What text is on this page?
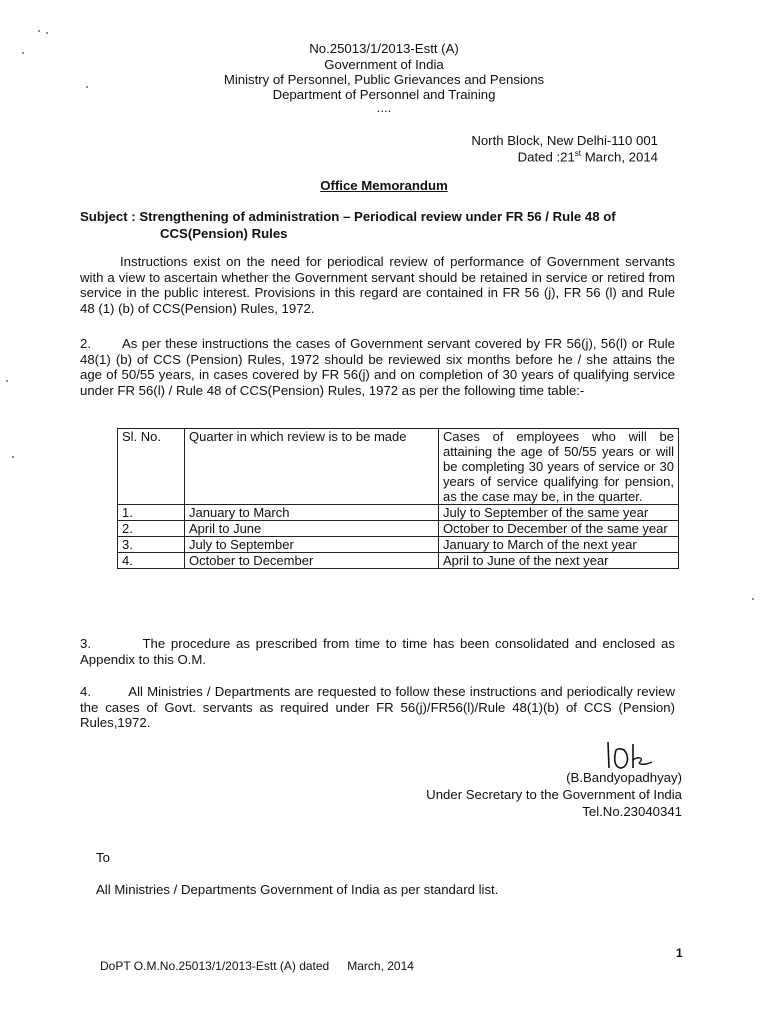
No.25013/1/2013-Estt (A)
Government of India
Ministry of Personnel, Public Grievances and Pensions
Department of Personnel and Training
....
North Block, New Delhi-110 001
Dated :21st March, 2014
Office Memorandum
Subject : Strengthening of administration – Periodical review under FR 56 / Rule 48 of
CCS(Pension) Rules
Instructions exist on the need for periodical review of performance of Government servants with a view to ascertain whether the Government servant should be retained in service or retired from service in the public interest. Provisions in this regard are contained in FR 56 (j), FR 56 (l) and Rule 48 (1) (b) of CCS(Pension) Rules, 1972.
2. As per these instructions the cases of Government servant covered by FR 56(j), 56(l) or Rule 48(1) (b) of CCS (Pension) Rules, 1972 should be reviewed six months before he / she attains the age of 50/55 years, in cases covered by FR 56(j) and on completion of 30 years of qualifying service under FR 56(l) / Rule 48 of CCS(Pension) Rules, 1972 as per the following time table:-
Sl. No.	Quarter in which review is to be made	Cases of employees who will be attaining the age of 50/55 years or will be completing 30 years of service or 30 years of service qualifying for pension, as the case may be, in the quarter.
1.	January to March	July to September of the same year
2.	April to June	October to December of the same year
3.	July to September	January to March of the next year
4.	October to December	April to June of the next year
3.	The procedure as prescribed from time to time has been consolidated and enclosed as Appendix to this O.M.
4.	All Ministries / Departments are requested to follow these instructions and periodically review the cases of Govt. servants as required under FR 56(j)/FR56(l)/Rule 48(1)(b) of CCS (Pension) Rules,1972.
(B.Bandyopadhyay)
Under Secretary to the Government of India
Tel.No.23040341
To
All Ministries / Departments Government of India as per standard list.
1
DoPT O.M.No.25013/1/2013-Estt (A) dated March, 2014
